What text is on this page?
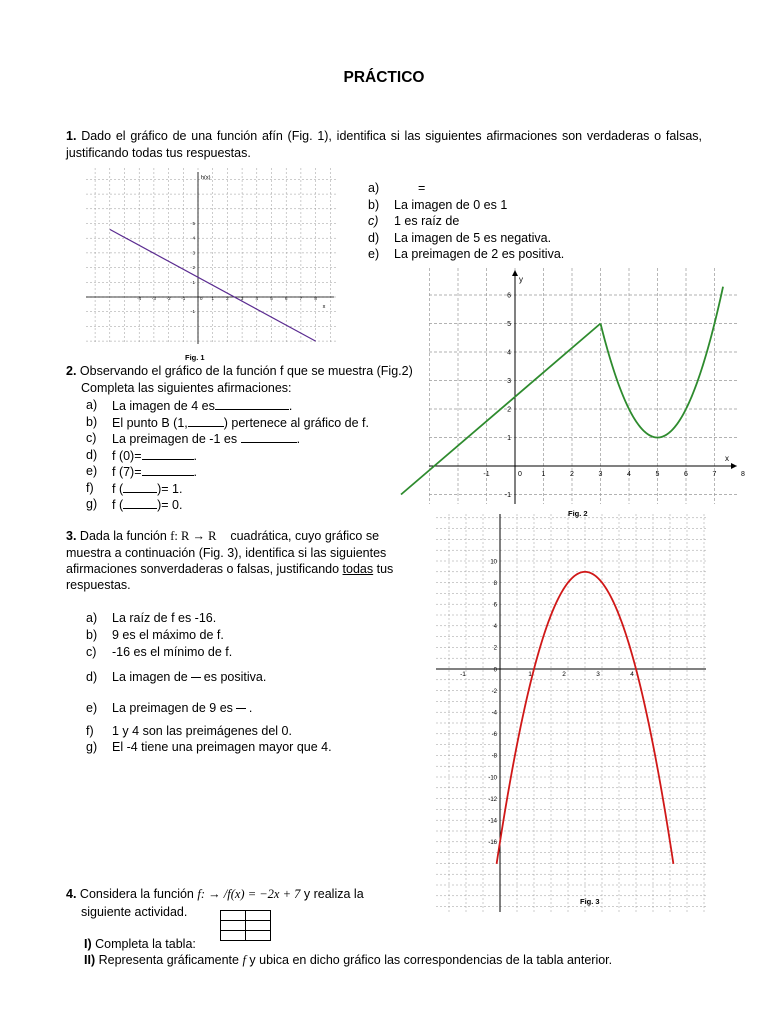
PRÁCTICO
1. Dado el gráfico de una función afín (Fig. 1), identifica si las siguientes afirmaciones son verdaderas o falsas, justificando todas tus respuestas.
-4 -3 -2 -1	0 1	2	3	4	5	6	7	8
5
4
3
2
1
-1
h(x)
x
Fig. 1
a)	=
b) La imagen de 0 es 1
c) 1 es raíz de
d) La imagen de 5 es negativa.
e) La preimagen de 2 es positiva.
-1	0	1	2	3	4	5	6	7	8
6
5
4
3
2
1
-1
y
x
Fig. 2
2. Observando el gráfico de la función f que se muestra (Fig.2)
Completa las siguientes afirmaciones:
a) La imagen de 4 es	.
b) El punto B (1,	) pertenece al gráfico de f.
c) La preimagen de -1 es	.
d) f (0)=	.
e) f (7)=	.
f) f (	)= 1.
g) f (	)= 0.
-1	1	2	3	4
10
8
6
4
2
0
-2
-4
-6
-8
-10
-12
-14
-16
Fig. 3
3. Dada la función f: R → R cuadrática, cuyo gráfico se
muestra a continuación (Fig. 3), identifica si las siguientes
afirmaciones sonverdaderas o falsas, justificando todas tus
respuestas.
a) La raíz de f es -16.
b) 9 es el máximo de f.
c) -16 es el mínimo de f.
d) La imagen de es positiva.
e) La preimagen de 9 es .
f) 1 y 4 son las preimágenes del 0.
g) El -4 tiene una preimagen mayor que 4.
4. Considera la función f: → /f(x) = −2x + 7 y realiza la
siguiente actividad.

I) Completa la tabla:
II) Representa gráficamente f y ubica en dicho gráfico las correspondencias de la tabla anterior.
